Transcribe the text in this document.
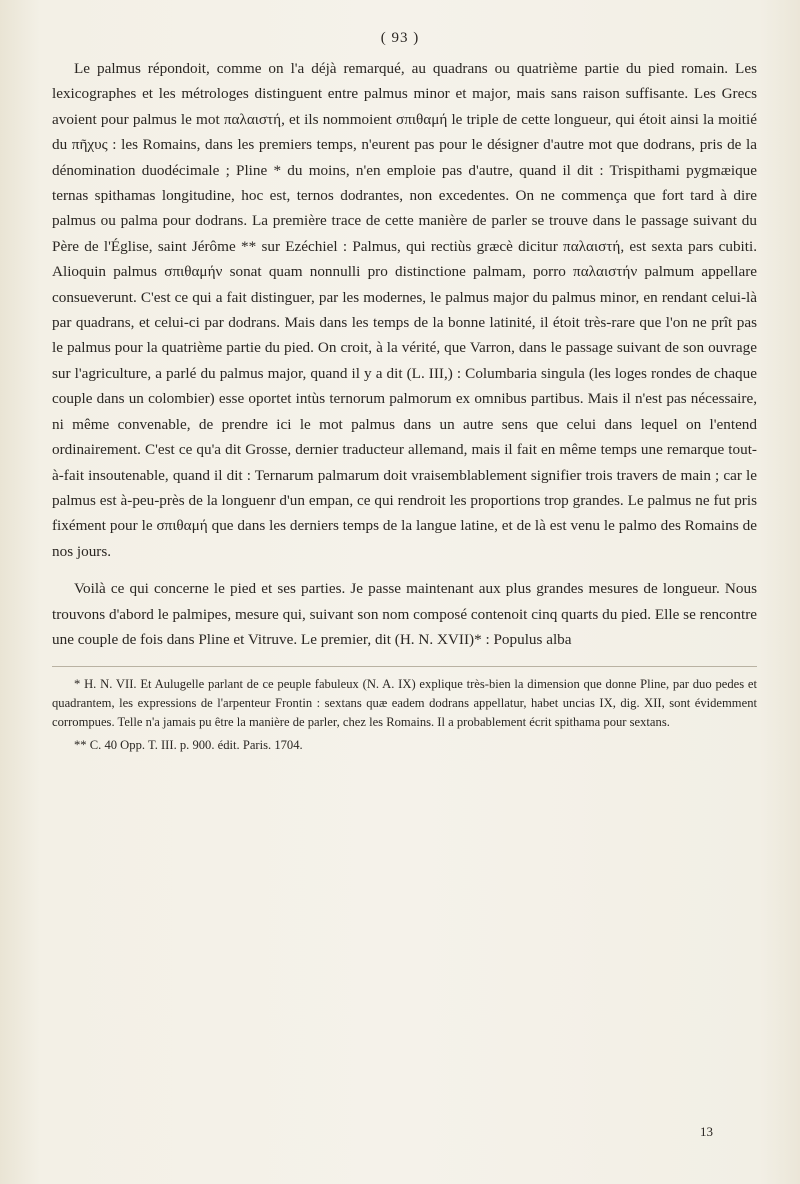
( 93 )

Le palmus répondoit, comme on l'a déjà remarqué, au quadrans ou quatrième partie du pied romain. Les lexicographes et les métrologes distinguent entre palmus minor et major, mais sans raison suffisante. Les Grecs avoient pour palmus le mot παλαιστή, et ils nommoient σπιθαμή le triple de cette longueur, qui étoit ainsi la moitié du πῆχυς : les Romains, dans les premiers temps, n'eurent pas pour le désigner d'autre mot que dodrans, pris de la dénomination duodécimale ; Pline * du moins, n'en emploie pas d'autre, quand il dit : Trispithami pygmæique ternas spithamas longitudine, hoc est, ternos dodrantes, non excedentes. On ne commença que fort tard à dire palmus ou palma pour dodrans. La première trace de cette manière de parler se trouve dans le passage suivant du Père de l'Église, saint Jérôme ** sur Ezéchiel : Palmus, qui rectiùs græcè dicitur παλαιστή, est sexta pars cubiti. Alioquin palmus σπιθαμήν sonat quam nonnulli pro distinctione palmam, porro παλαιστήν palmum appellare consueverunt. C'est ce qui a fait distinguer, par les modernes, le palmus major du palmus minor, en rendant celui-là par quadrans, et celui-ci par dodrans. Mais dans les temps de la bonne latinité, il étoit très-rare que l'on ne prît pas le palmus pour la quatrième partie du pied. On croit, à la vérité, que Varron, dans le passage suivant de son ouvrage sur l'agriculture, a parlé du palmus major, quand il y a dit (L. III,) : Columbaria singula (les loges rondes de chaque couple dans un colombier) esse oportet intùs ternorum palmorum ex omnibus partibus. Mais il n'est pas nécessaire, ni même convenable, de prendre ici le mot palmus dans un autre sens que celui dans lequel on l'entend ordinairement. C'est ce qu'a dit Grosse, dernier traducteur allemand, mais il fait en même temps une remarque tout-à-fait insoutenable, quand il dit : Ternarum palmarum doit vraisemblablement signifier trois travers de main ; car le palmus est à-peu-près de la longuenr d'un empan, ce qui rendroit les proportions trop grandes. Le palmus ne fut pris fixément pour le σπιθαμή que dans les derniers temps de la langue latine, et de là est venu le palmo des Romains de nos jours.

Voilà ce qui concerne le pied et ses parties. Je passe maintenant aux plus grandes mesures de longueur. Nous trouvons d'abord le palmipes, mesure qui, suivant son nom composé contenoit cinq quarts du pied. Elle se rencontre une couple de fois dans Pline et Vitruve. Le premier, dit (H. N. XVII)* : Populus alba

* H. N. VII. Et Aulugelle parlant de ce peuple fabuleux (N. A. IX) explique très-bien la dimension que donne Pline, par duo pedes et quadrantem, les expressions de l'arpenteur Frontin : sextans quæ eadem dodrans appellatur, habet uncias IX, dig. XII, sont évidemment corrompues. Telle n'a jamais pu être la manière de parler, chez les Romains. Il a probablement écrit spithama pour sextans.

** C. 40 Opp. T. III. p. 900. édit. Paris. 1704.

13
